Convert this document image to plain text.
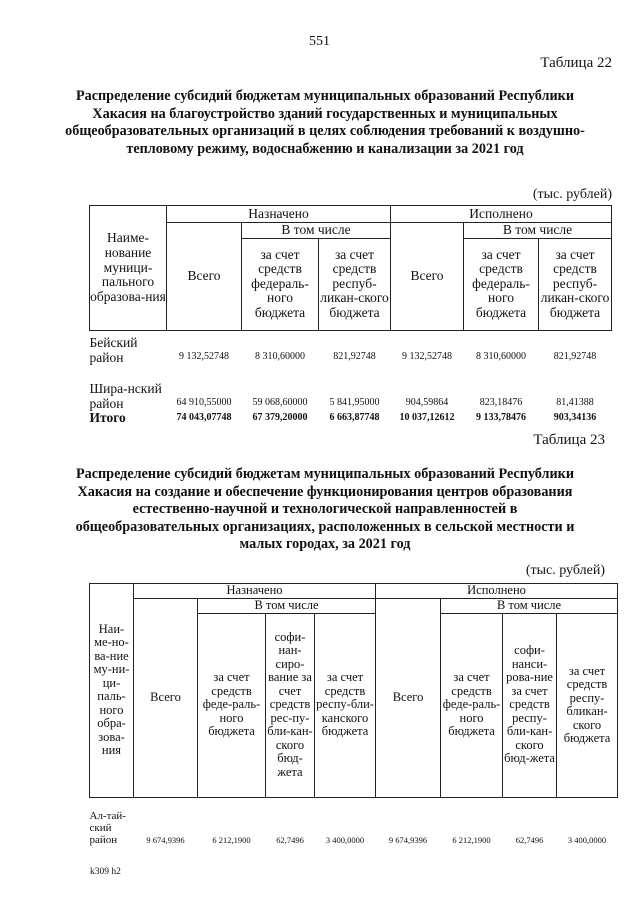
551
Таблица 22
Распределение субсидий бюджетам муниципальных образований Республики Хакасия на благоустройство зданий государственных и муниципальных общеобразовательных организаций в целях соблюдения требований к воздушно-тепловому режиму, водоснабжению и канализации за 2021 год
(тыс. рублей)
Наиме-нование муници-пального образова-ния	Назначено			Исполнено		
	Всего	В том числе		Всего	В том числе	
		за счет средств федераль-ного бюджета	за счет средств респуб-ликан-ского бюджета		за счет средств федераль-ного бюджета	за счет средств респуб-ликан-ского бюджета
Бейский район	9 132,52748	8 310,60000	821,92748	9 132,52748	8 310,60000	821,92748
Шира-нский район	64 910,55000	59 068,60000	5 841,95000	904,59864	823,18476	81,41388
Итого	74 043,07748	67 379,20000	6 663,87748	10 037,12612	9 133,78476	903,34136
Таблица 23
Распределение субсидий бюджетам муниципальных образований Республики Хакасия на создание и обеспечение функционирования центров образования естественно-научной и технологической направленностей в общеобразовательных организациях, расположенных в сельской местности и малых городах, за 2021 год
(тыс. рублей)
Наи-ме-но-ва-ние му-ни-ци-паль-ного обра-зова-ния	Назначено				Исполнено			
	Всего	В том числе			Всего	В том числе		
		за счет средств феде-раль-ного бюджета	софи-нан-сиро-вание за счет средств рес-пу-бли-кан-ского бюд-жета	за счет средств респу-бли-канского бюджета		за счет средств феде-раль-ного бюджета	софи-нанси-рова-ние за счет средств респу-бли-кан-ского бюд-жета	за счет средств респу-бликан-ского бюджета
Ал-тай-ский район	9 674,9396	6 212,1900	62,7496	3 400,0000	9 674,9396	6 212,1900	62,7496	3 400,0000
k309 h2
